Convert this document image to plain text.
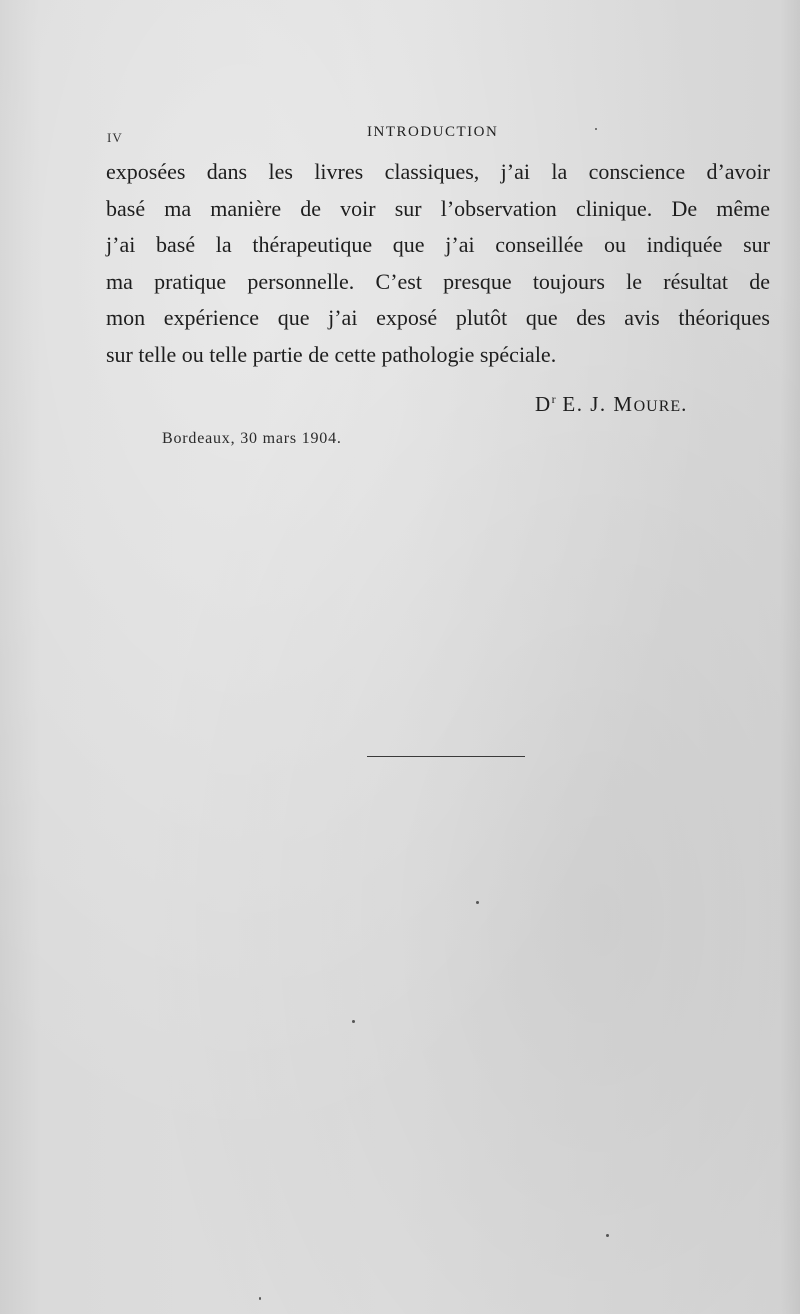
IV	INTRODUCTION
exposées dans les livres classiques, j’ai la conscience d’avoir
basé ma manière de voir sur l’observation clinique. De même
j’ai basé la thérapeutique que j’ai conseillée ou indiquée sur
ma pratique personnelle. C’est presque toujours le résultat de
mon expérience que j’ai exposé plutôt que des avis théoriques
sur telle ou telle partie de cette pathologie spéciale.
$D^r$ E. J. MOURE.
Bordeaux, 30 mars 1904.
